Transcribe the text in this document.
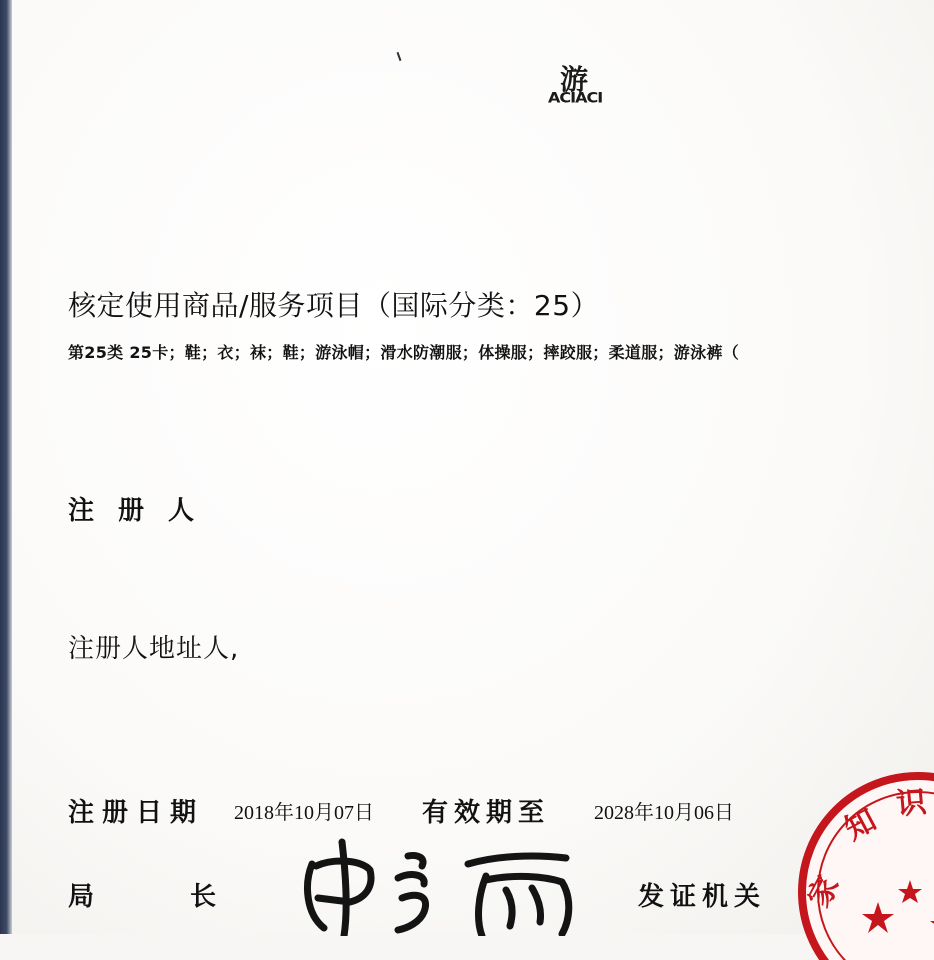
游
ACIACI
核定使用商品/服务项目（国际分类：25）
第25类 25卡；鞋；衣；袜；鞋；游泳帽；滑水防潮服；体操服；摔跤服；柔道服；游泳裤（
注册人
注册人地址人,
注册日期 2018年10月07日 有效期至 2028年10月06日
局	长	发证机关 家
知 识
